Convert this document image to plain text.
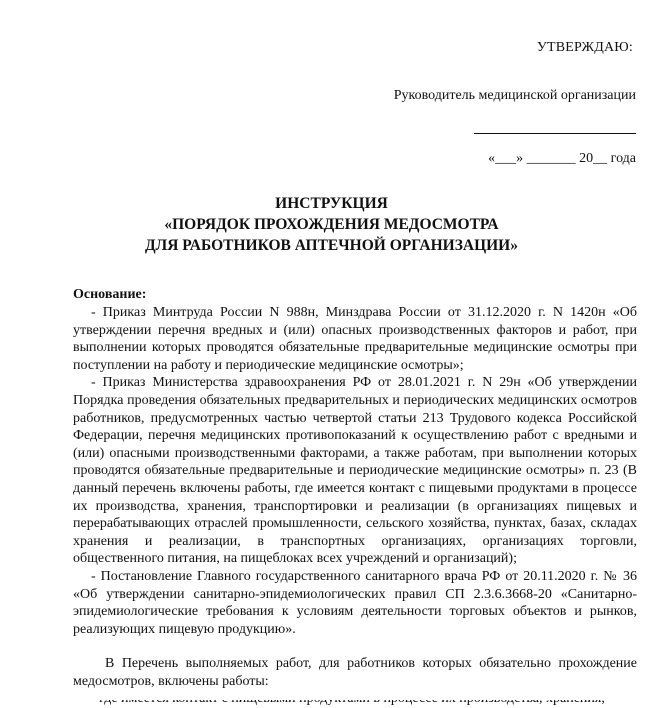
УТВЕРЖДАЮ:
Руководитель медицинской организации
«___» _______ 20__ года
ИНСТРУКЦИЯ
«ПОРЯДОК ПРОХОЖДЕНИЯ МЕДОСМОТРА
ДЛЯ РАБОТНИКОВ АПТЕЧНОЙ ОРГАНИЗАЦИИ»
Основание:

- Приказ Минтруда России N 988н, Минздрава России от 31.12.2020 г. N 1420н «Об утверждении перечня вредных и (или) опасных производственных факторов и работ, при выполнении которых проводятся обязательные предварительные медицинские осмотры при поступлении на работу и периодические медицинские осмотры»;

- Приказ Министерства здравоохранения РФ от 28.01.2021 г. N 29н «Об утверждении Порядка проведения обязательных предварительных и периодических медицинских осмотров работников, предусмотренных частью четвертой статьи 213 Трудового кодекса Российской Федерации, перечня медицинских противопоказаний к осуществлению работ с вредными и (или) опасными производственными факторами, а также работам, при выполнении которых проводятся обязательные предварительные и периодические медицинские осмотры» п. 23 (В данный перечень включены работы, где имеется контакт с пищевыми продуктами в процессе их производства, хранения, транспортировки и реализации (в организациях пищевых и перерабатывающих отраслей промышленности, сельского хозяйства, пунктах, базах, складах хранения и реализации, в транспортных организациях, организациях торговли, общественного питания, на пищеблоках всех учреждений и организаций);

- Постановление Главного государственного санитарного врача РФ от 20.11.2020 г. № 36 «Об утверждении санитарно-эпидемиологических правил СП 2.3.6.3668-20 «Санитарно-эпидемиологические требования к условиям деятельности торговых объектов и рынков, реализующих пищевую продукцию».

В Перечень выполняемых работ, для работников которых обязательно прохождение медосмотров, включены работы:
